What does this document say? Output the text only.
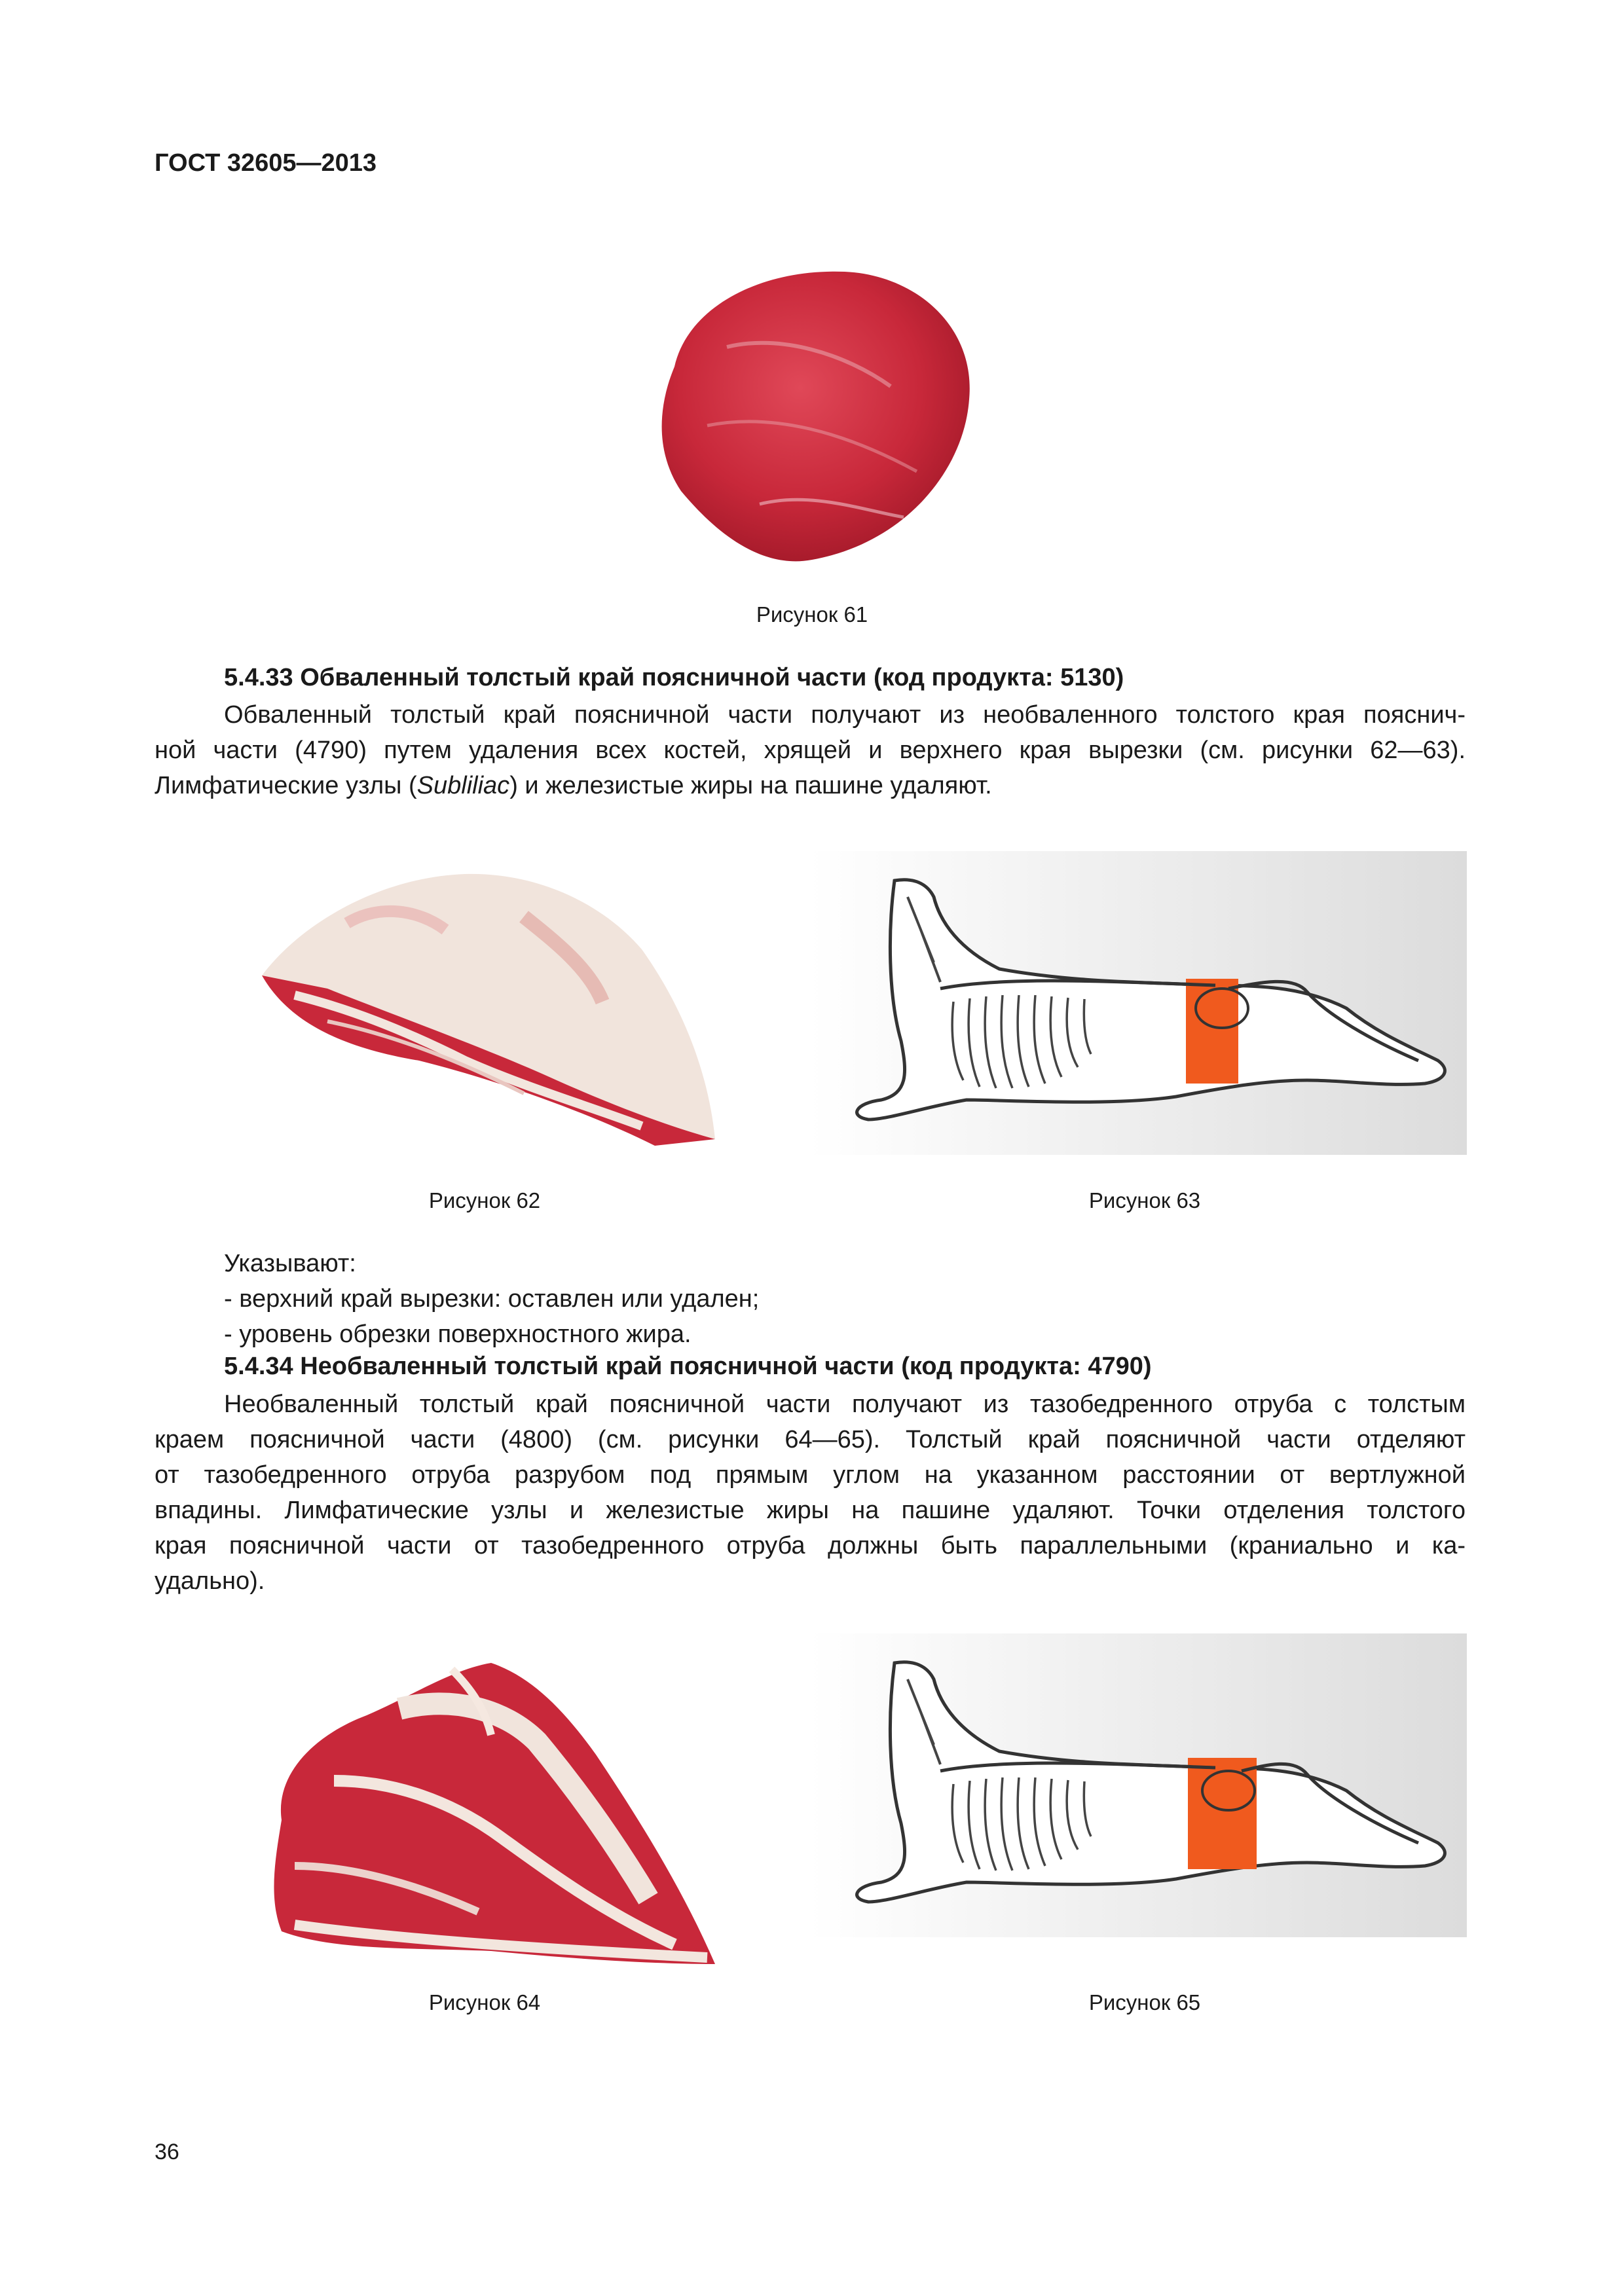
ГОСТ 32605—2013
Рисунок 61
5.4.33 Обваленный толстый край поясничной части (код продукта: 5130)
Обваленный толстый край поясничной части получают из необваленного толстого края пояснич-
ной части (4790) путем удаления всех костей, хрящей и верхнего края вырезки (см. рисунки 62—63).
Лимфатические узлы (Subliliac) и железистые жиры на пашине удаляют.
Рисунок 62	Рисунок 63
Указывают:
- верхний край вырезки: оставлен или удален;
- уровень обрезки поверхностного жира.
5.4.34 Необваленный толстый край поясничной части (код продукта: 4790)
Необваленный толстый край поясничной части получают из тазобедренного отруба с толстым
краем поясничной части (4800) (см. рисунки 64—65). Толстый край поясничной части отделяют
от тазобедренного отруба разрубом под прямым углом на указанном расстоянии от вертлужной
впадины. Лимфатические узлы и железистые жиры на пашине удаляют. Точки отделения толстого
края поясничной части от тазобедренного отруба должны быть параллельными (краниально и ка-
удально).
Рисунок 64	Рисунок 65
36
